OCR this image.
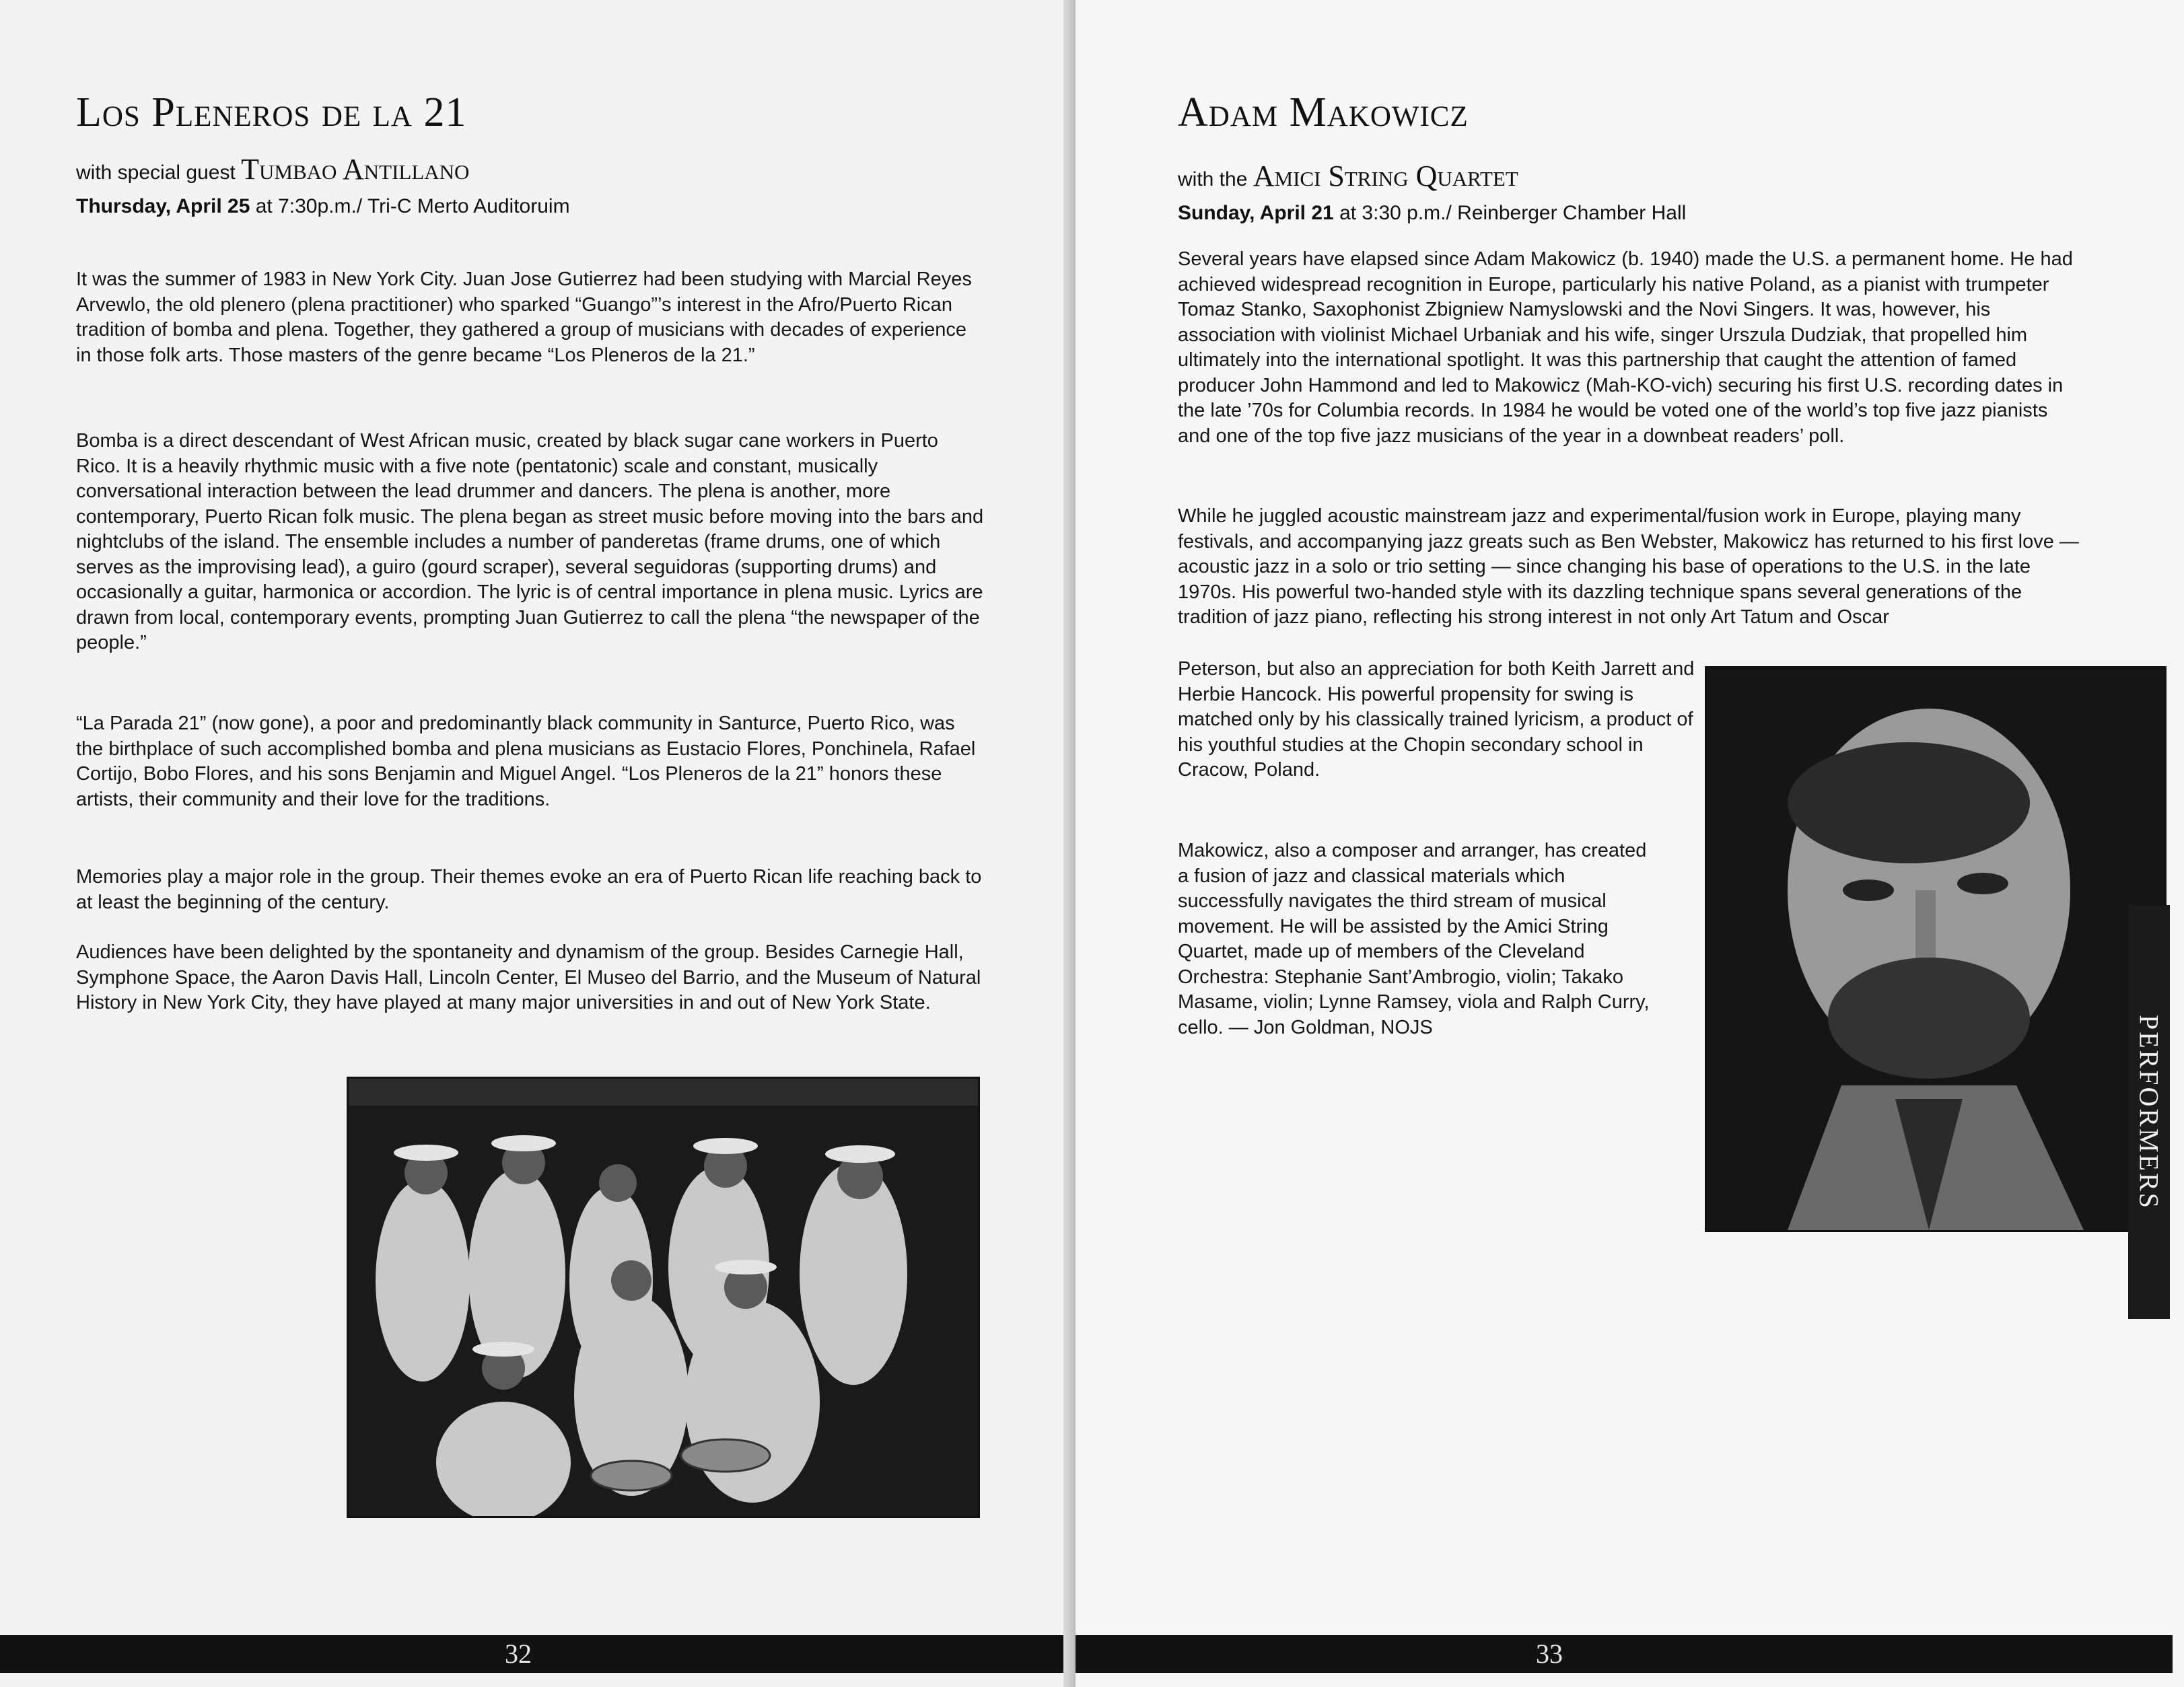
Los Pleneros de la 21
with special guest Tumbao Antillano
Thursday, April 25 at 7:30p.m./ Tri-C Merto Auditoruim

It was the summer of 1983 in New York City. Juan Jose Gutierrez had been studying with Marcial Reyes Arvewlo, the old plenero (plena practitioner) who sparked “Guango”’s interest in the Afro/Puerto Rican tradition of bomba and plena. Together, they gathered a group of musicians with decades of experience in those folk arts. Those masters of the genre became “Los Pleneros de la 21.”

Bomba is a direct descendant of West African music, created by black sugar cane workers in Puerto Rico. It is a heavily rhythmic music with a five note (pentatonic) scale and constant, musically conversational interaction between the lead drummer and dancers. The plena is another, more contemporary, Puerto Rican folk music. The plena began as street music before moving into the bars and nightclubs of the island. The ensemble includes a number of panderetas (frame drums, one of which serves as the improvising lead), a guiro (gourd scraper), several seguidoras (supporting drums) and occasionally a guitar, harmonica or accordion. The lyric is of central importance in plena music. Lyrics are drawn from local, contemporary events, prompting Juan Gutierrez to call the plena “the newspaper of the people.”

“La Parada 21” (now gone), a poor and predominantly black community in Santurce, Puerto Rico, was the birthplace of such accomplished bomba and plena musicians as Eustacio Flores, Ponchinela, Rafael Cortijo, Bobo Flores, and his sons Benjamin and Miguel Angel. “Los Pleneros de la 21” honors these artists, their community and their love for the traditions.

Memories play a major role in the group. Their themes evoke an era of Puerto Rican life reaching back to at least the beginning of the century.

Audiences have been delighted by the spontaneity and dynamism of the group. Besides Carnegie Hall, Symphone Space, the Aaron Davis Hall, Lincoln Center, El Museo del Barrio, and the Museum of Natural History in New York City, they have played at many major universities in and out of New York State.

32
Adam Makowicz
with the Amici String Quartet
Sunday, April 21 at 3:30 p.m./ Reinberger Chamber Hall

Several years have elapsed since Adam Makowicz (b. 1940) made the U.S. a permanent home. He had achieved widespread recognition in Europe, particularly his native Poland, as a pianist with trumpeter Tomaz Stanko, Saxophonist Zbigniew Namyslowski and the Novi Singers. It was, however, his association with violinist Michael Urbaniak and his wife, singer Urszula Dudziak, that propelled him ultimately into the international spotlight. It was this partnership that caught the attention of famed producer John Hammond and led to Makowicz (Mah-KO-vich) securing his first U.S. recording dates in the late ’70s for Columbia records. In 1984 he would be voted one of the world’s top five jazz pianists and one of the top five jazz musicians of the year in a downbeat readers’ poll.

While he juggled acoustic mainstream jazz and experimental/fusion work in Europe, playing many festivals, and accompanying jazz greats such as Ben Webster, Makowicz has returned to his first love — acoustic jazz in a solo or trio setting — since changing his base of operations to the U.S. in the late 1970s. His powerful two-handed style with its dazzling technique spans several generations of the tradition of jazz piano, reflecting his strong interest in not only Art Tatum and Oscar

Peterson, but also an appreciation for both Keith Jarrett and Herbie Hancock. His powerful propensity for swing is matched only by his classically trained lyricism, a product of his youthful studies at the Chopin secondary school in Cracow, Poland.

Makowicz, also a composer and arranger, has created a fusion of jazz and classical materials which successfully navigates the third stream of musical movement. He will be assisted by the Amici String Quartet, made up of members of the Cleveland Orchestra: Stephanie Sant’Ambrogio, violin; Takako Masame, violin; Lynne Ramsey, viola and Ralph Curry, cello. — Jon Goldman, NOJS

33
PERFORMERS
